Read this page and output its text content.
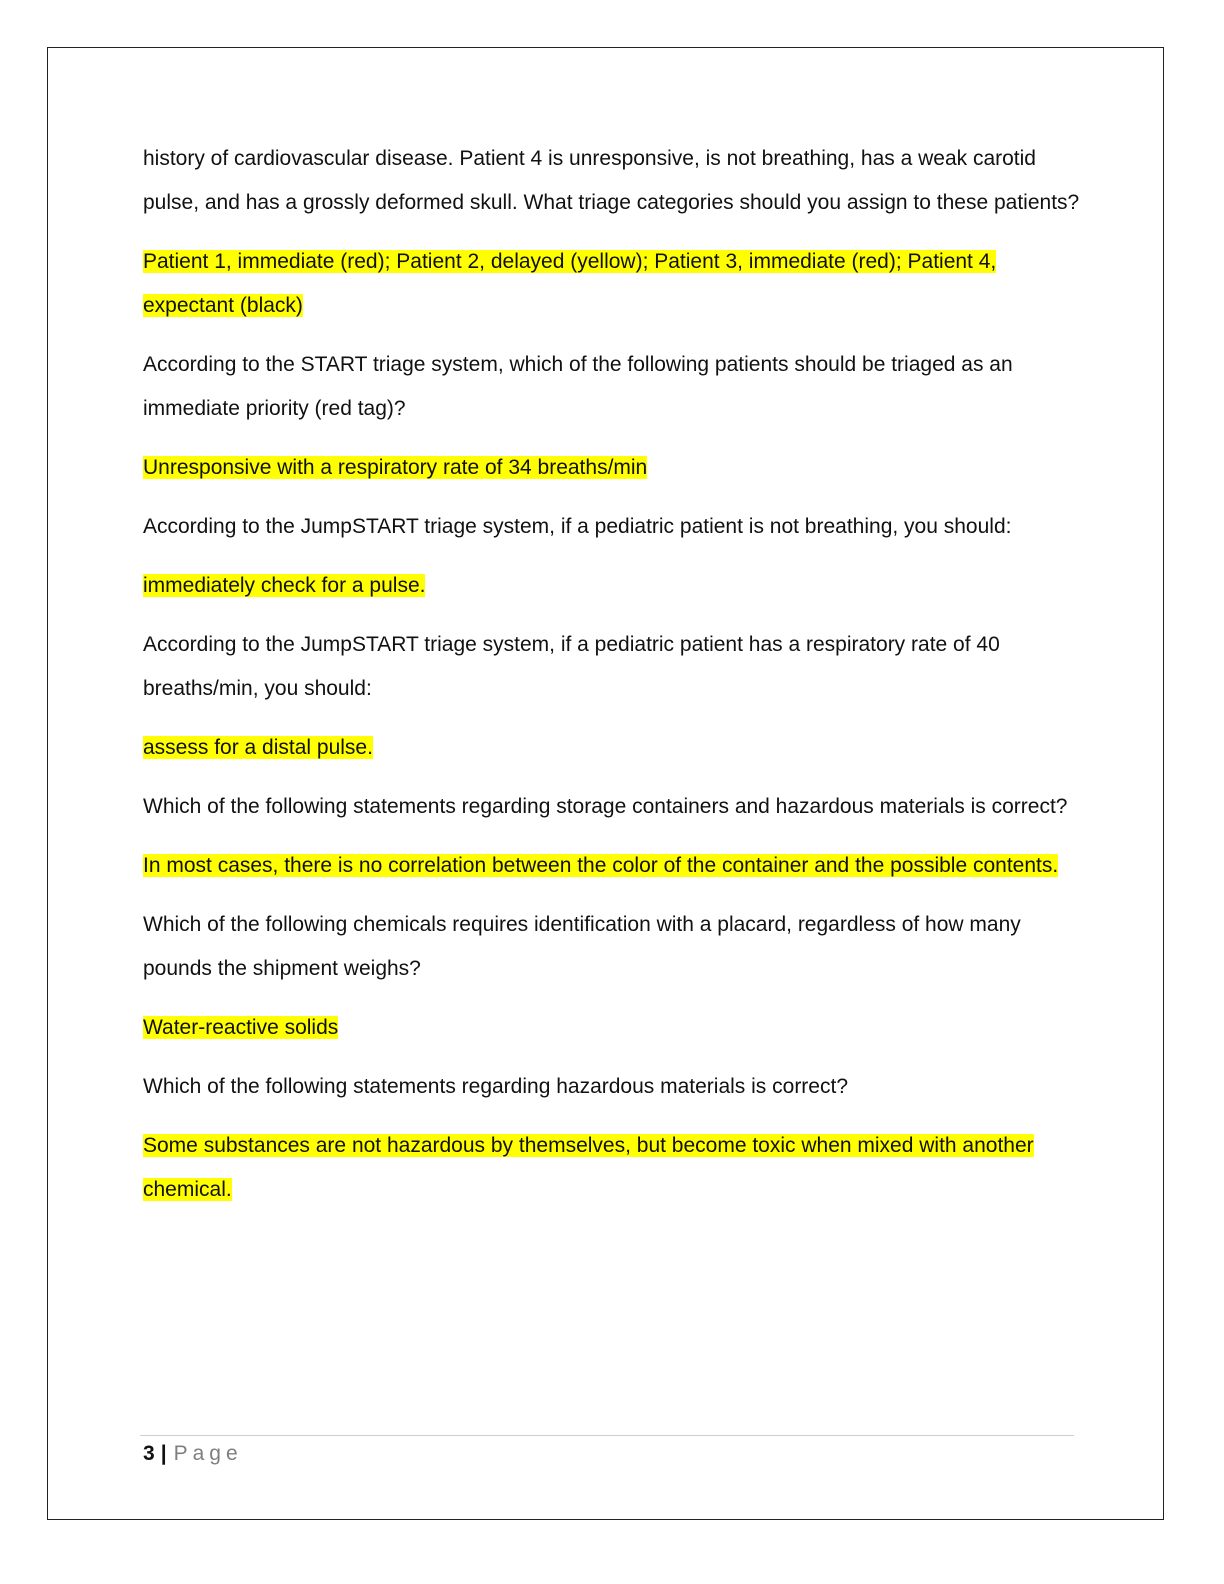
history of cardiovascular disease. Patient 4 is unresponsive, is not breathing, has a weak carotid pulse, and has a grossly deformed skull. What triage categories should you assign to these patients?

Patient 1, immediate (red); Patient 2, delayed (yellow); Patient 3, immediate (red); Patient 4, expectant (black)

According to the START triage system, which of the following patients should be triaged as an immediate priority (red tag)?

Unresponsive with a respiratory rate of 34 breaths/min

According to the JumpSTART triage system, if a pediatric patient is not breathing, you should:

immediately check for a pulse.

According to the JumpSTART triage system, if a pediatric patient has a respiratory rate of 40 breaths/min, you should:

assess for a distal pulse.

Which of the following statements regarding storage containers and hazardous materials is correct?

In most cases, there is no correlation between the color of the container and the possible contents.

Which of the following chemicals requires identification with a placard, regardless of how many pounds the shipment weighs?

Water-reactive solids

Which of the following statements regarding hazardous materials is correct?

Some substances are not hazardous by themselves, but become toxic when mixed with another chemical.

3 | Page
